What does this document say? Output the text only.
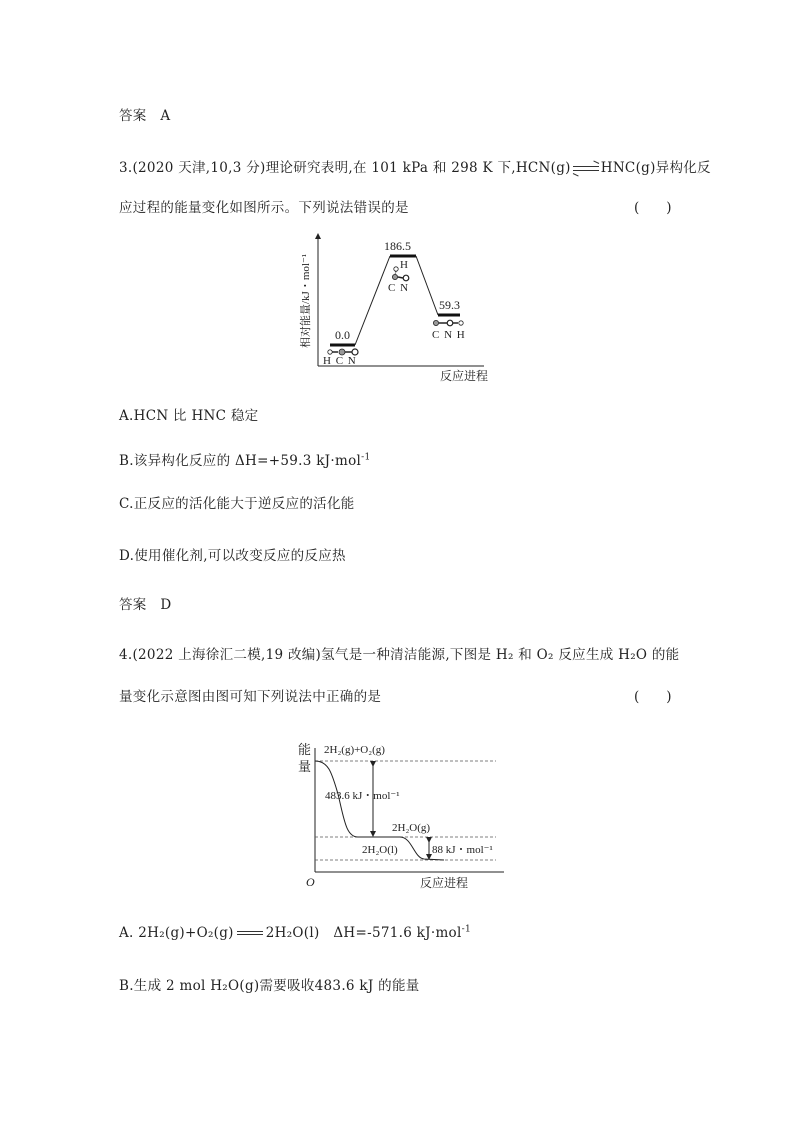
答案　A
3.(2020 天津,10,3 分)理论研究表明,在 101 kPa 和 298 K 下,HCN(g) ⇌ HNC(g)异构化反
应过程的能量变化如图所示。下列说法错误的是	(　　)
相对能量/kJ・mol⁻¹
反应进程
0.0
186.5
59.3
H C N
H
C N
C N H
A.HCN 比 HNC 稳定
B.该异构化反应的 ΔH=+59.3 kJ·mol$^{-1}$
C.正反应的活化能大于逆反应的活化能
D.使用催化剂,可以改变反应的反应热
答案　D
4.(2022 上海徐汇二模,19 改编)氢气是一种清洁能源,下图是 H₂ 和 O₂ 反应生成 H₂O 的能
量变化示意图由图可知下列说法中正确的是	(　　)
能
量
O	反应进程
2H₂(g)+O₂(g)
483.6 kJ・mol⁻¹
2H₂O(g)
2H₂O(l)	88 kJ・mol⁻¹
A. 2H₂(g)+O₂(g) 2H₂O(l)　ΔH=-571.6 kJ·mol$^{-1}$
B.生成 2 mol H₂O(g)需要吸收483.6 kJ 的能量
